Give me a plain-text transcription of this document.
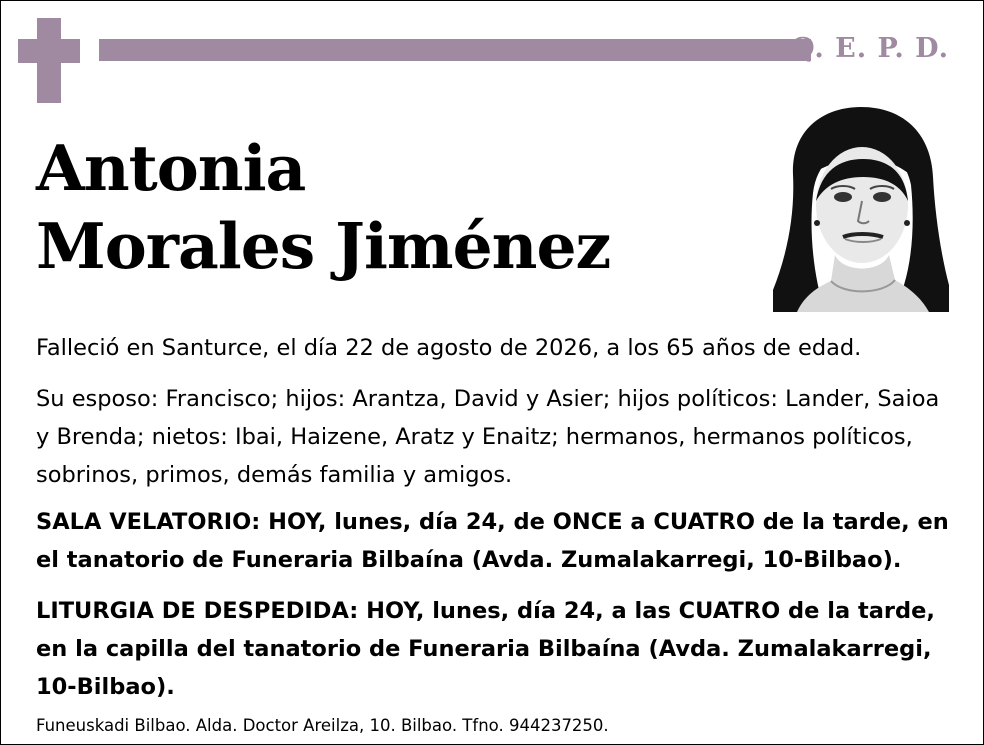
Q. E. P. D.
Antonia
Morales Jiménez
Falleció en Santurce, el día 22 de agosto de 2026, a los 65 años de edad.
Su esposo: Francisco; hijos: Arantza, David y Asier; hijos políticos: Lander, Saioa y Brenda; nietos: Ibai, Haizene, Aratz y Enaitz; hermanos, hermanos políticos, sobrinos, primos, demás familia y amigos.
SALA VELATORIO: HOY, lunes, día 24, de ONCE a CUATRO de la tarde, en el tanatorio de Funeraria Bilbaína (Avda. Zumalakarregi, 10-Bilbao).
LITURGIA DE DESPEDIDA: HOY, lunes, día 24, a las CUATRO de la tarde, en la capilla del tanatorio de Funeraria Bilbaína (Avda. Zumalakarregi, 10-Bilbao).
Funeuskadi Bilbao. Alda. Doctor Areilza, 10. Bilbao. Tfno. 944237250.
